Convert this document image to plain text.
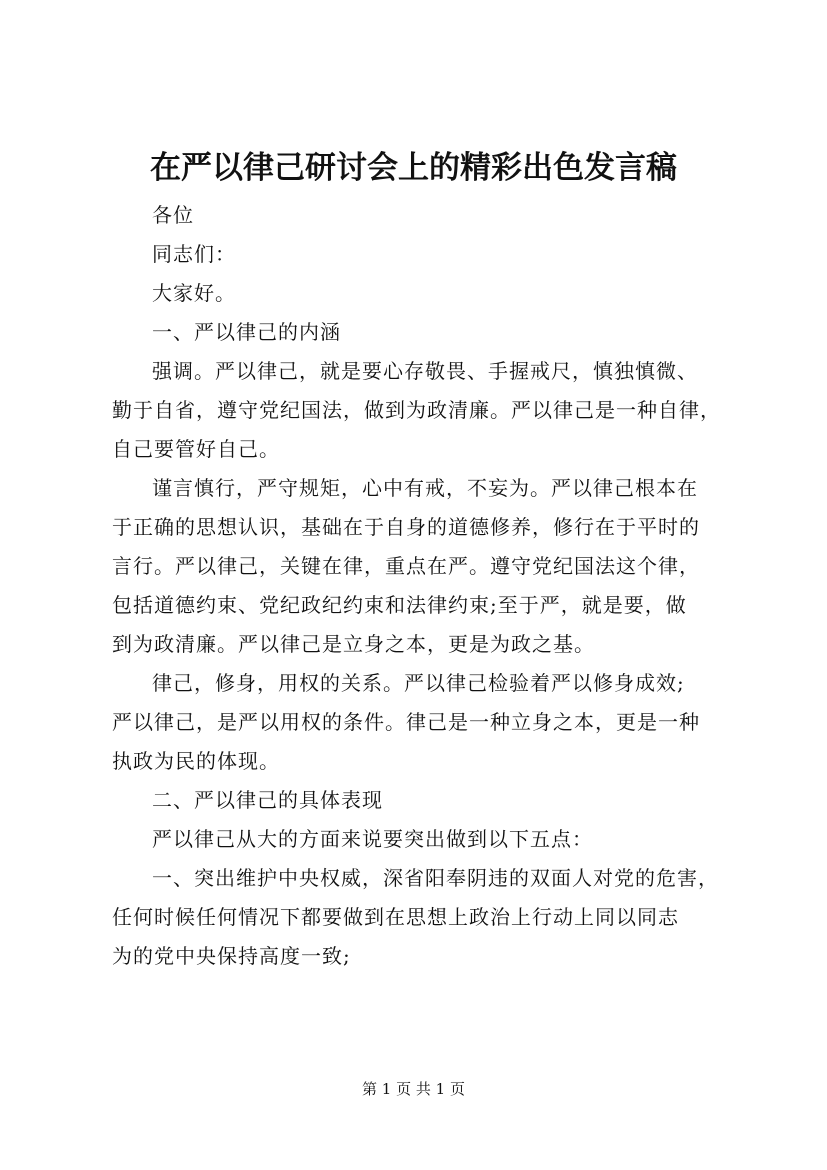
在严以律己研讨会上的精彩出色发言稿
各位
同志们：
大家好。
一、严以律己的内涵
强调。严以律己，就是要心存敬畏、手握戒尺，慎独慎微、
勤于自省，遵守党纪国法，做到为政清廉。严以律己是一种自律，
自己要管好自己。
谨言慎行，严守规矩，心中有戒，不妄为。严以律己根本在
于正确的思想认识，基础在于自身的道德修养，修行在于平时的
言行。严以律己，关键在律，重点在严。遵守党纪国法这个律，
包括道德约束、党纪政纪约束和法律约束;至于严，就是要，做
到为政清廉。严以律己是立身之本，更是为政之基。
律己，修身，用权的关系。严以律己检验着严以修身成效;
严以律己，是严以用权的条件。律己是一种立身之本，更是一种
执政为民的体现。
二、严以律己的具体表现
严以律己从大的方面来说要突出做到以下五点：
一、突出维护中央权威，深省阳奉阴违的双面人对党的危害，
任何时候任何情况下都要做到在思想上政治上行动上同以同志
为的党中央保持高度一致;
第 1 页 共 1 页
